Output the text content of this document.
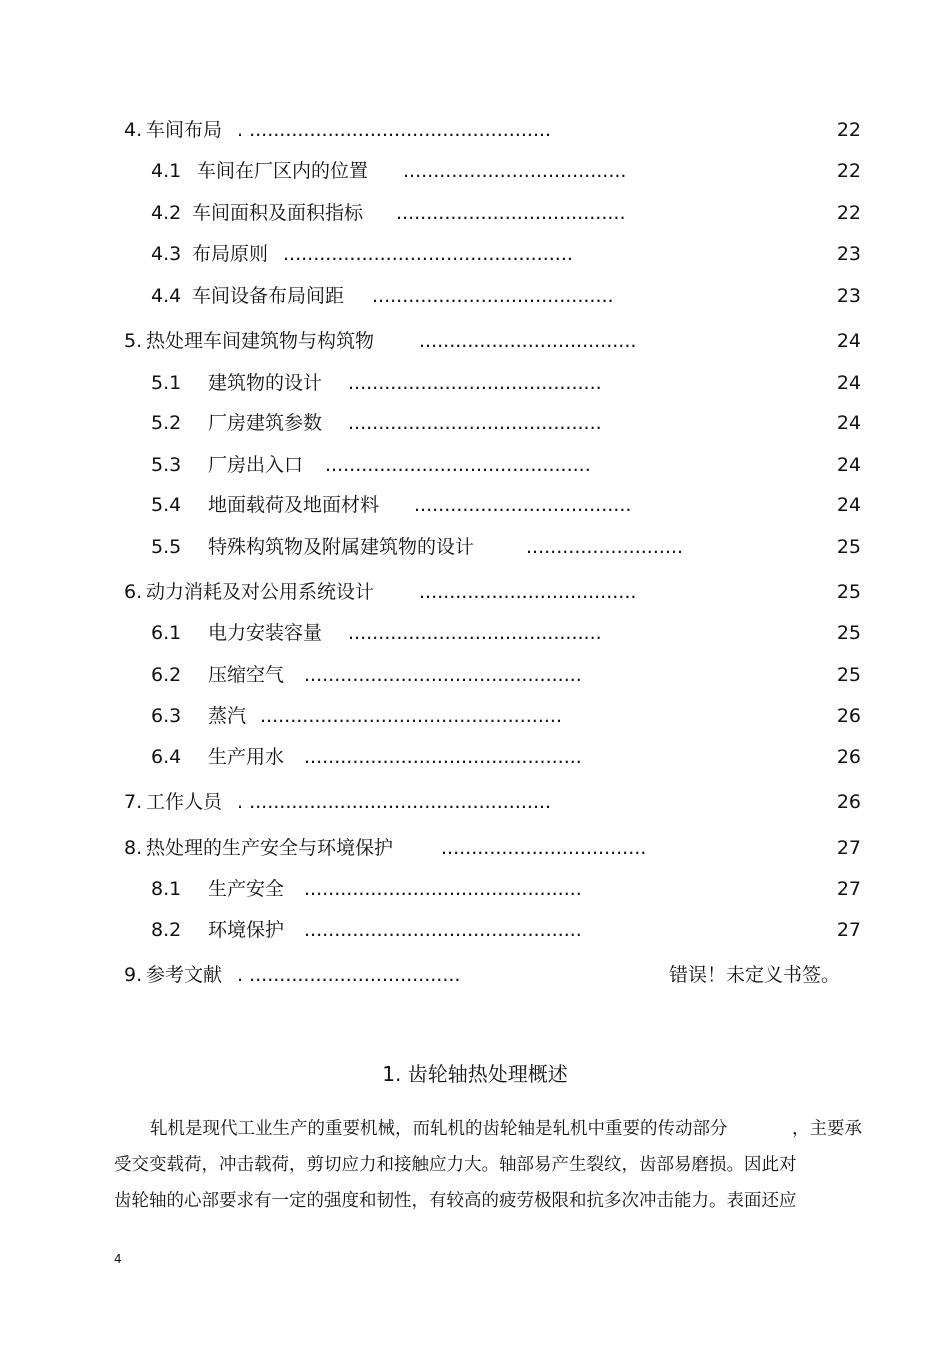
4. 车间布局 . ..................................................	22
4.1 车间在厂区内的位置 .....................................	22
4.2 车间面积及面积指标 ......................................	22
4.3 布局原则 ................................................	23
4.4 车间设备布局间距 ........................................	23
5. 热处理车间建筑物与构筑物 ....................................	24
5.1 建筑物的设计 ..........................................	24
5.2 厂房建筑参数 ..........................................	24
5.3 厂房出入口 ............................................	24
5.4 地面载荷及地面材料 ....................................	24
5.5 特殊构筑物及附属建筑物的设计	..........................	25
6. 动力消耗及对公用系统设计 ....................................	25
6.1 电力安装容量 ..........................................	25
6.2 压缩空气 ..............................................	25
6.3 蒸汽 ..................................................	26
6.4 生产用水 ..............................................	26
7. 工作人员 . ..................................................	26
8. 热处理的生产安全与环境保护	..................................	27
8.1 生产安全 ..............................................	27
8.2 环境保护 ..............................................	27
9. 参考文献 . ...................................	错误！未定义书签。
1. 齿轮轴热处理概述
轧机是现代工业生产的重要机械，而轧机的齿轮轴是轧机中重要的传动部分	，主要承
受交变载荷，冲击载荷，剪切应力和接触应力大。轴部易产生裂纹，齿部易磨损。因此对
齿轮轴的心部要求有一定的强度和韧性，有较高的疲劳极限和抗多次冲击能力。表面还应
4
